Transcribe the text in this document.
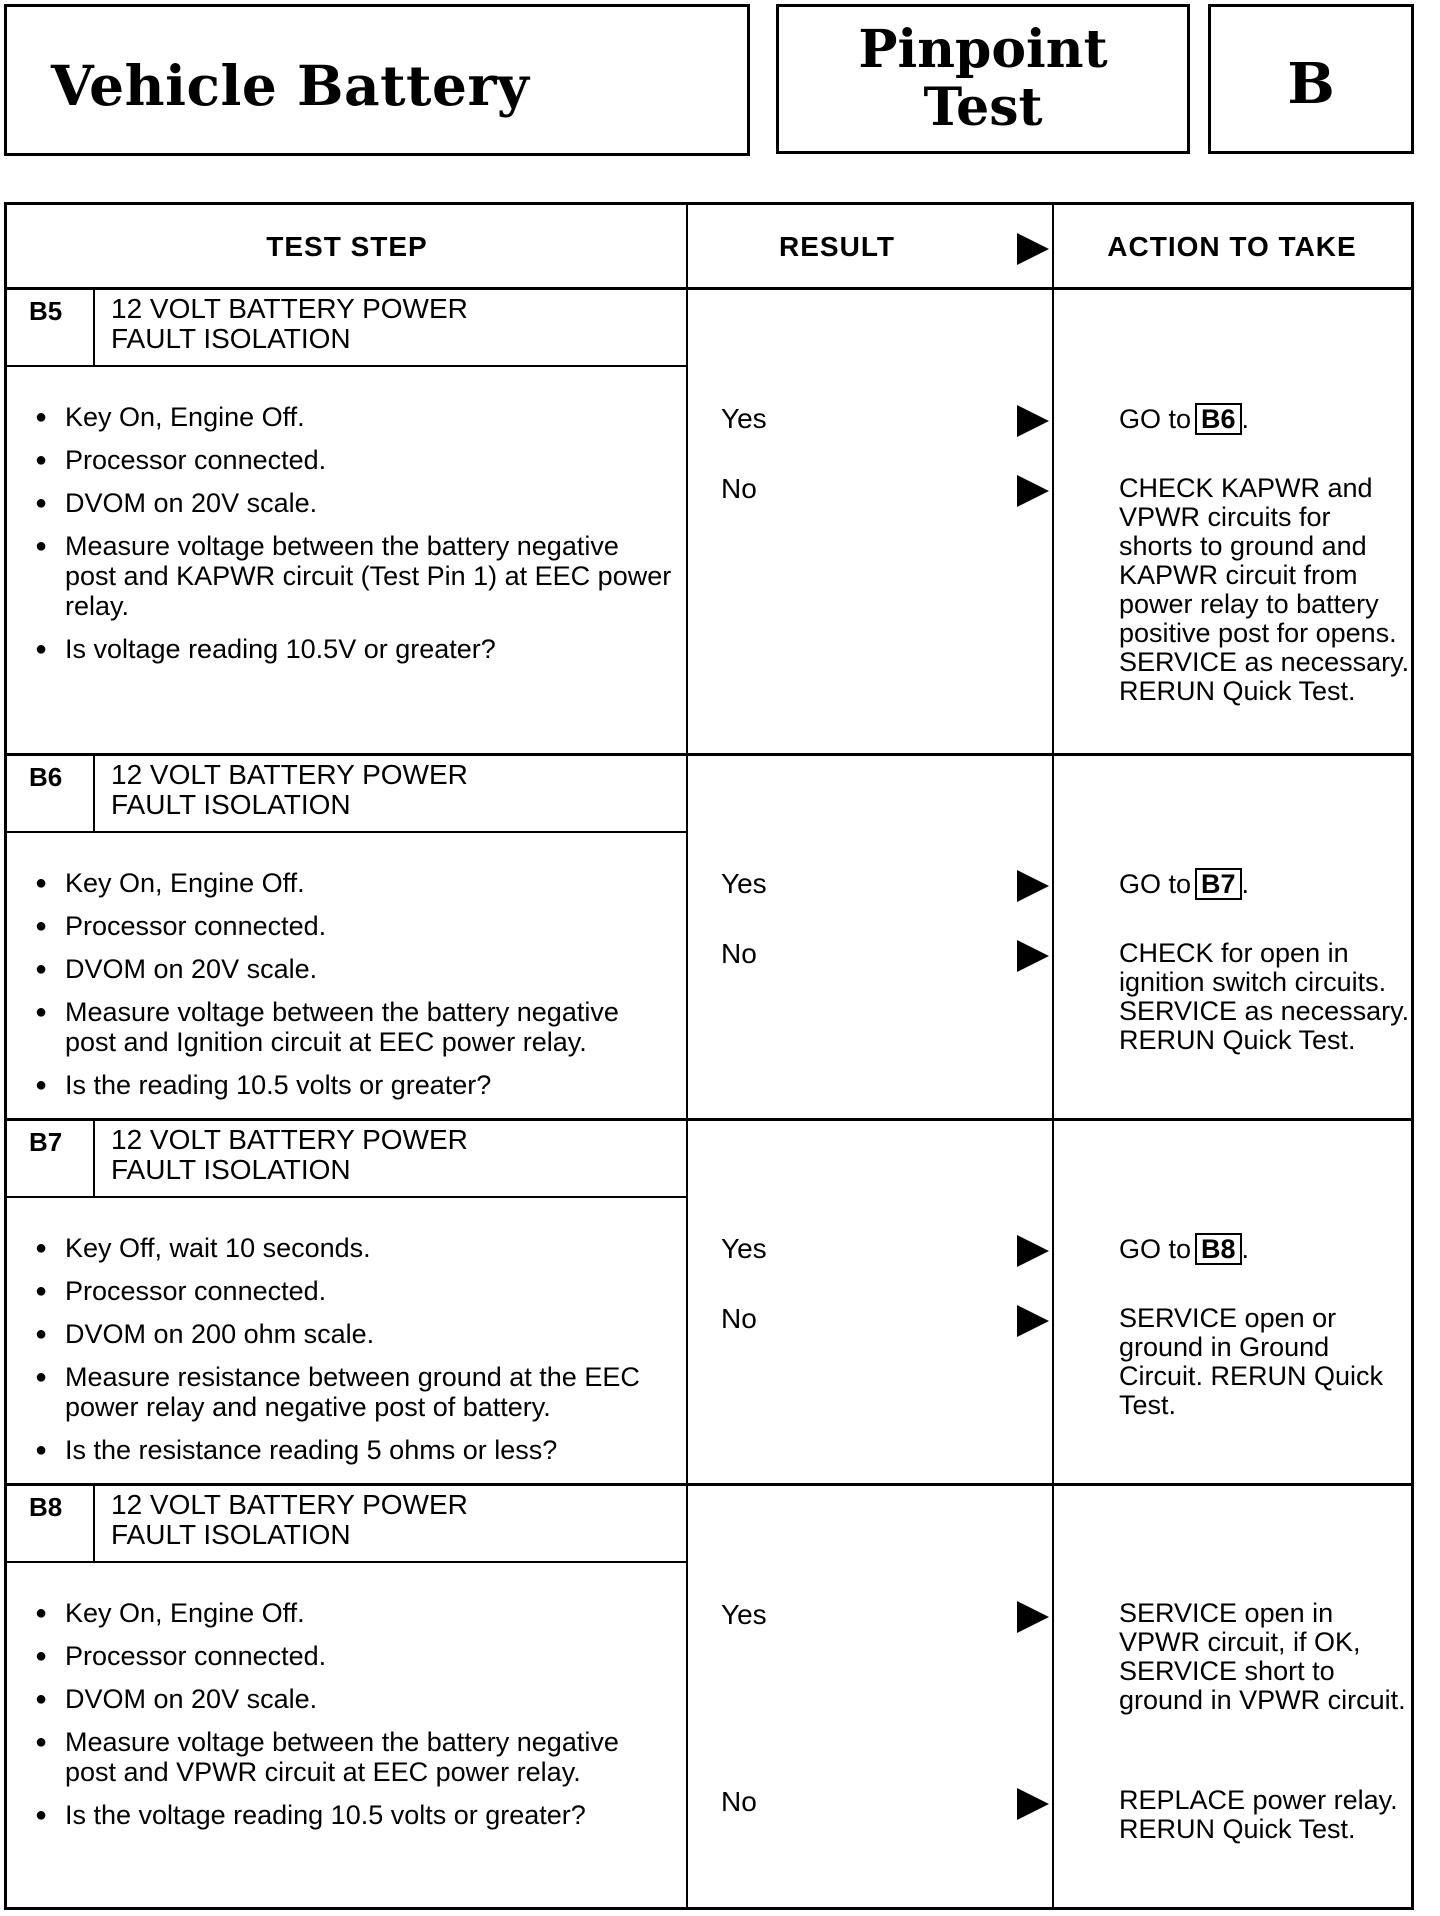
Vehicle Battery
Pinpoint
Test	B
TEST STEP	RESULT	ACTION TO TAKE
B5 12 VOLT BATTERY POWER
FAULT ISOLATION
● Key On, Engine Off.
● Processor connected.
● DVOM on 20V scale.
● Measure voltage between the battery negative post and KAPWR circuit (Test Pin 1) at EEC power relay.
● Is voltage reading 10.5V or greater?
Yes	GO to B6 .
No	CHECK KAPWR and VPWR circuits for shorts to ground and KAPWR circuit from power relay to battery positive post for opens. SERVICE as necessary. RERUN Quick Test.
B6 12 VOLT BATTERY POWER
FAULT ISOLATION
● Key On, Engine Off.
● Processor connected.
● DVOM on 20V scale.
● Measure voltage between the battery negative post and Ignition circuit at EEC power relay.
● Is the reading 10.5 volts or greater?
Yes	GO to B7 .
No	CHECK for open in ignition switch circuits. SERVICE as necessary. RERUN Quick Test.
B7 12 VOLT BATTERY POWER
FAULT ISOLATION
● Key Off, wait 10 seconds.
● Processor connected.
● DVOM on 200 ohm scale.
● Measure resistance between ground at the EEC power relay and negative post of battery.
● Is the resistance reading 5 ohms or less?
Yes	GO to B8 .
No	SERVICE open or ground in Ground Circuit. RERUN Quick Test.
B8 12 VOLT BATTERY POWER
FAULT ISOLATION
● Key On, Engine Off.
● Processor connected.
● DVOM on 20V scale.
● Measure voltage between the battery negative post and VPWR circuit at EEC power relay.
● Is the voltage reading 10.5 volts or greater?
Yes	SERVICE open in VPWR circuit, if OK, SERVICE short to ground in VPWR circuit.
No	REPLACE power relay. RERUN Quick Test.
